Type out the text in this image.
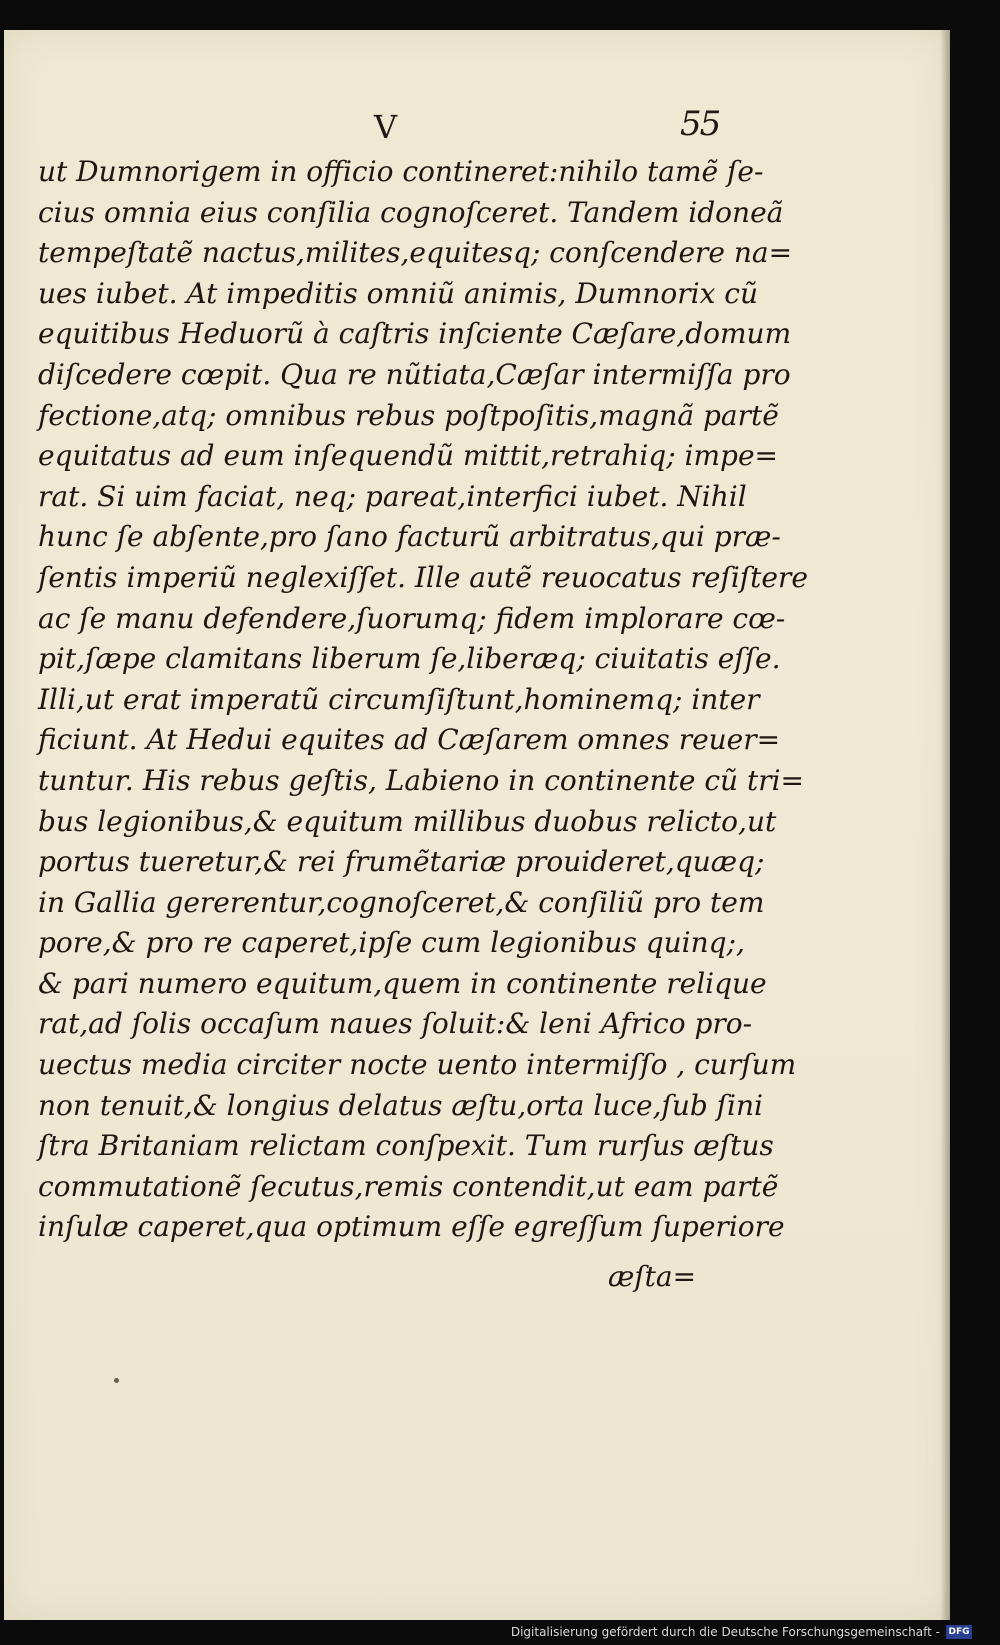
V	55
ut Dumnorigem in officio contineret:nihilo tamẽ ſe-
cius omnia eius conſilia cognoſceret. Tandem idoneã
tempeſtatẽ nactus,milites,equitesq; conſcendere na=
ues iubet. At impeditis omniũ animis, Dumnorix cũ
equitibus Heduorũ à caſtris inſciente Cæſare,domum
diſcedere cœpit. Qua re nũtiata,Cæſar intermiſſa pro
fectione,atq; omnibus rebus poſtpoſitis,magnã partẽ
equitatus ad eum inſequendũ mittit,retrahiq; impe=
rat. Si uim faciat, neq; pareat,interfici iubet. Nihil
hunc ſe abſente,pro ſano facturũ arbitratus,qui præ-
ſentis imperiũ neglexiſſet. Ille autẽ reuocatus reſiſtere
ac ſe manu defendere,ſuorumq; fidem implorare cœ-
pit,ſæpe clamitans liberum ſe,liberæq; ciuitatis eſſe.
Illi,ut erat imperatũ circumſiſtunt,hominemq; inter
ficiunt. At Hedui equites ad Cæſarem omnes reuer=
tuntur. His rebus geſtis, Labieno in continente cũ tri=
bus legionibus,& equitum millibus duobus relicto,ut
portus tueretur,& rei frumẽtariæ prouideret,quæq;
in Gallia gererentur,cognoſceret,& conſiliũ pro tem
pore,& pro re caperet,ipſe cum legionibus quinq;,
& pari numero equitum,quem in continente relique
rat,ad ſolis occaſum naues ſoluit:& leni Africo pro-
uectus media circiter nocte uento intermiſſo , curſum
non tenuit,& longius delatus æſtu,orta luce,ſub ſini
ſtra Britaniam relictam conſpexit. Tum rurſus æſtus
commutationẽ ſecutus,remis contendit,ut eam partẽ
inſulæ caperet,qua optimum eſſe egreſſum ſuperiore
æſta=
Digitalisierung gefördert durch die Deutsche Forschungsgemeinschaft - DFG
